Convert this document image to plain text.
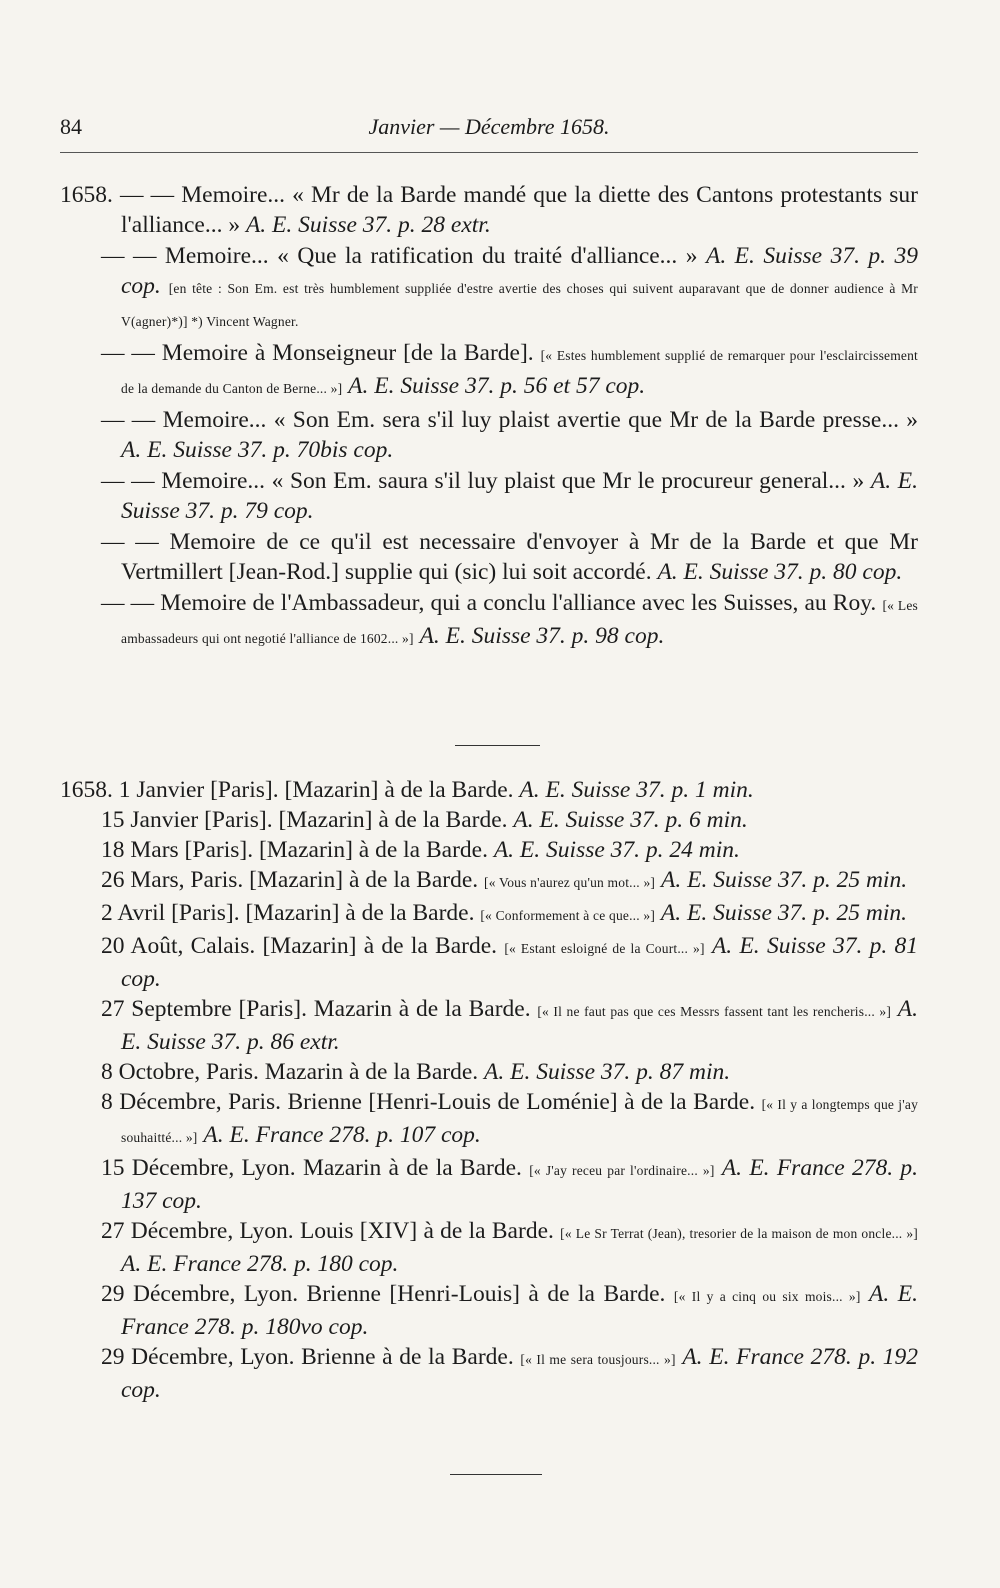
84	Janvier — Décembre 1658.

1658. — — Memoire... « Mr de la Barde mandé que la diette des Cantons protestants sur l'alliance... » A. E. Suisse 37. p. 28 extr.

— — Memoire... « Que la ratification du traité d'alliance... » A. E. Suisse 37. p. 39 cop. [en tête : Son Em. est très humblement suppliée d'estre avertie des choses qui suivent auparavant que de donner audience à Mr V(agner)*)] *) Vincent Wagner.

— — Memoire à Monseigneur [de la Barde]. [« Estes humblement supplié de remarquer pour l'esclaircissement de la demande du Canton de Berne... »] A. E. Suisse 37. p. 56 et 57 cop.

— — Memoire... « Son Em. sera s'il luy plaist avertie que Mr de la Barde presse... » A. E. Suisse 37. p. 70bis cop.

— — Memoire... « Son Em. saura s'il luy plaist que Mr le procureur general... » A. E. Suisse 37. p. 79 cop.

— — Memoire de ce qu'il est necessaire d'envoyer à Mr de la Barde et que Mr Vertmillert [Jean-Rod.] supplie qui (sic) lui soit accordé. A. E. Suisse 37. p. 80 cop.

— — Memoire de l'Ambassadeur, qui a conclu l'alliance avec les Suisses, au Roy. [« Les ambassadeurs qui ont negotié l'alliance de 1602... »] A. E. Suisse 37. p. 98 cop.

1658. 1 Janvier [Paris]. [Mazarin] à de la Barde. A. E. Suisse 37. p. 1 min.

15 Janvier [Paris]. [Mazarin] à de la Barde. A. E. Suisse 37. p. 6 min.

18 Mars [Paris]. [Mazarin] à de la Barde. A. E. Suisse 37. p. 24 min.

26 Mars, Paris. [Mazarin] à de la Barde. [« Vous n'aurez qu'un mot... »] A. E. Suisse 37. p. 25 min.

2 Avril [Paris]. [Mazarin] à de la Barde. [« Conformement à ce que... »] A. E. Suisse 37. p. 25 min.

20 Août, Calais. [Mazarin] à de la Barde. [« Estant esloigné de la Court... »] A. E. Suisse 37. p. 81 cop.

27 Septembre [Paris]. Mazarin à de la Barde. [« Il ne faut pas que ces Messrs fassent tant les rencheris... »] A. E. Suisse 37. p. 86 extr.

8 Octobre, Paris. Mazarin à de la Barde. A. E. Suisse 37. p. 87 min.

8 Décembre, Paris. Brienne [Henri-Louis de Loménie] à de la Barde. [« Il y a longtemps que j'ay souhaitté... »] A. E. France 278. p. 107 cop.

15 Décembre, Lyon. Mazarin à de la Barde. [« J'ay receu par l'ordinaire... »] A. E. France 278. p. 137 cop.

27 Décembre, Lyon. Louis [XIV] à de la Barde. [« Le Sr Terrat (Jean), tresorier de la maison de mon oncle... »] A. E. France 278. p. 180 cop.

29 Décembre, Lyon. Brienne [Henri-Louis] à de la Barde. [« Il y a cinq ou six mois... »] A. E. France 278. p. 180vo cop.

29 Décembre, Lyon. Brienne à de la Barde. [« Il me sera tousjours... »] A. E. France 278. p. 192 cop.
